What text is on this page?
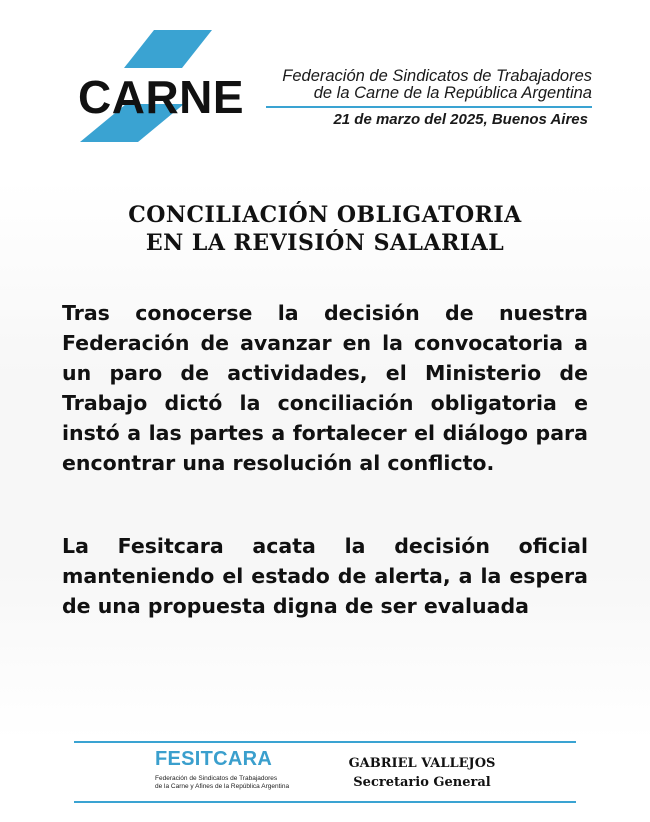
CARNE Federación de Sindicatos de Trabajadores
de la Carne de la República Argentina
21 de marzo del 2025, Buenos Aires
CONCILIACIÓN OBLIGATORIA
EN LA REVISIÓN SALARIAL
Tras conocerse la decisión de nuestra Federación de avanzar en la convocatoria a un paro de actividades, el Ministerio de Trabajo dictó la conciliación obligatoria e instó a las partes a fortalecer el diálogo para encontrar una resolución al conflicto.
La Fesitcara acata la decisión oficial manteniendo el estado de alerta, a la espera de una propuesta digna de ser evaluada
FESITCARA
Federación de Sindicatos de Trabajadores
de la Carne y Afines de la República Argentina
GABRIEL VALLEJOS
Secretario General
